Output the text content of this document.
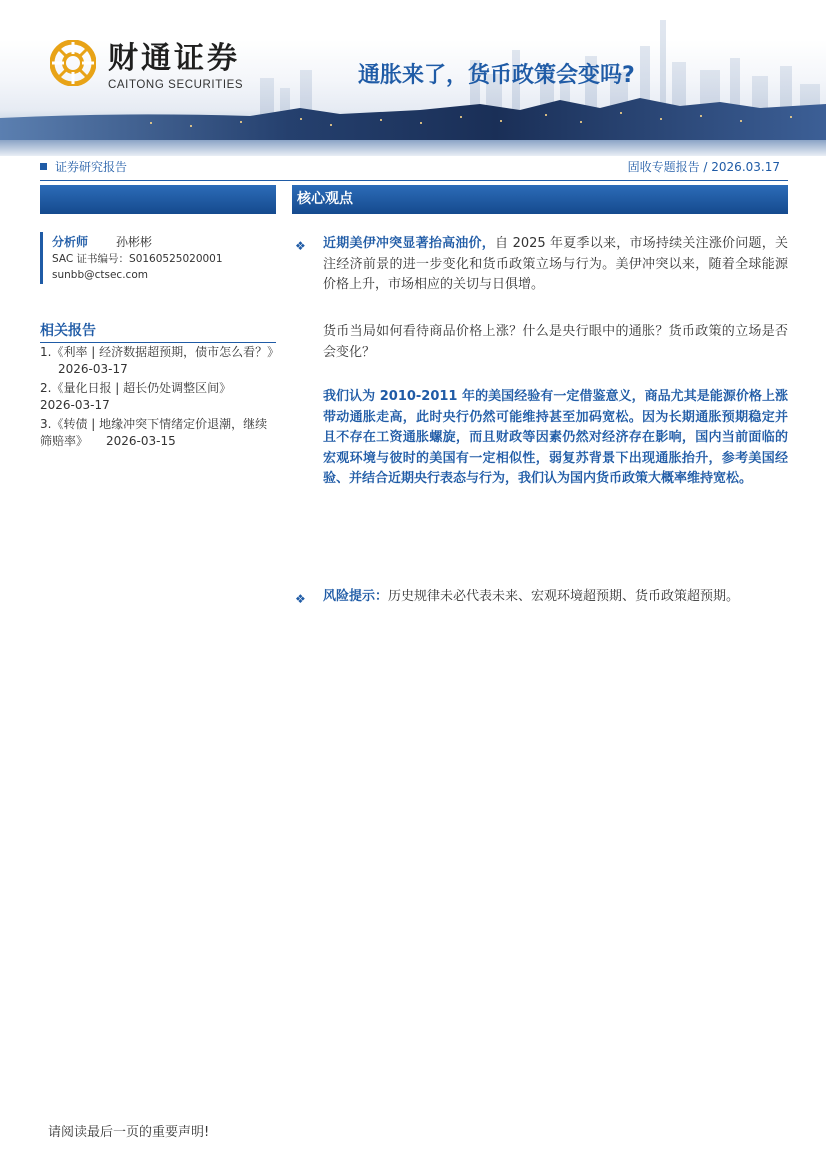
财通证券
CAITONG SECURITIES	通胀来了，货币政策会变吗?
证券研究报告	固收专题报告 / 2026.03.17
分析师 孙彬彬
SAC 证书编号：S0160525020001
sunbb@ctsec.com
相关报告
1.《利率 | 经济数据超预期，债市怎么看？》2026-03-17
2.《量化日报 | 超长仍处调整区间》
2026-03-17
3.《转债 | 地缘冲突下情绪定价退潮，继续筛赔率》 2026-03-15
核心观点
❖ 近期美伊冲突显著抬高油价，自 2025 年夏季以来，市场持续关注涨价问题，关注经济前景的进一步变化和货币政策立场与行为。美伊冲突以来，随着全球能源价格上升，市场相应的关切与日俱增。
货币当局如何看待商品价格上涨？什么是央行眼中的通胀？货币政策的立场是否会变化？
我们认为 2010-2011 年的美国经验有一定借鉴意义，商品尤其是能源价格上涨带动通胀走高，此时央行仍然可能维持甚至加码宽松。因为长期通胀预期稳定并且不存在工资通胀螺旋，而且财政等因素仍然对经济存在影响，国内当前面临的宏观环境与彼时的美国有一定相似性，弱复苏背景下出现通胀抬升，参考美国经验、并结合近期央行表态与行为，我们认为国内货币政策大概率维持宽松。
❖ 风险提示：历史规律未必代表未来、宏观环境超预期、货币政策超预期。
请阅读最后一页的重要声明!
